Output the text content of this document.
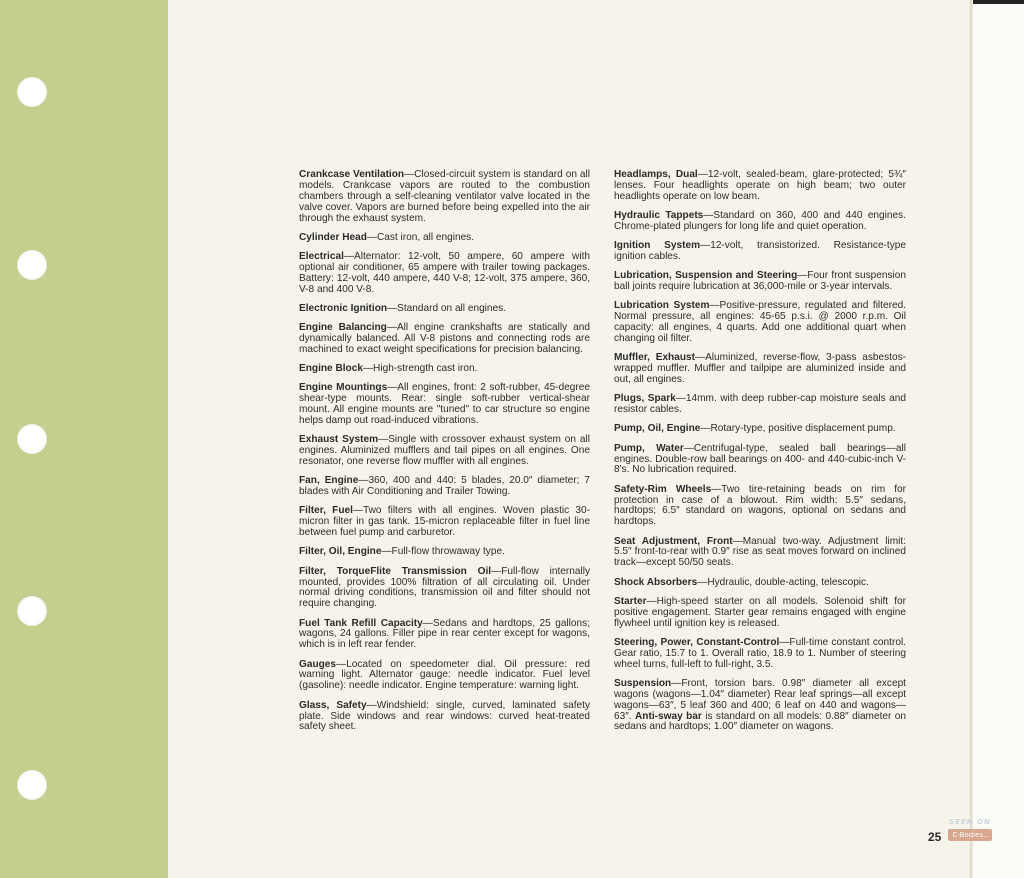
Crankcase Ventilation—Closed-circuit system is standard on all models. Crankcase vapors are routed to the combustion chambers through a self-cleaning ventilator valve located in the valve cover. Vapors are burned before being expelled into the air through the exhaust system.

Cylinder Head—Cast iron, all engines.

Electrical—Alternator: 12-volt, 50 ampere, 60 ampere with optional air conditioner, 65 ampere with trailer towing packages. Battery: 12-volt, 440 ampere, 440 V-8; 12-volt, 375 ampere, 360, V-8 and 400 V-8.

Electronic Ignition—Standard on all engines.

Engine Balancing—All engine crankshafts are statically and dynamically balanced. All V-8 pistons and connecting rods are machined to exact weight specifications for precision balancing.

Engine Block—High-strength cast iron.

Engine Mountings—All engines, front: 2 soft-rubber, 45-degree shear-type mounts. Rear: single soft-rubber vertical-shear mount. All engine mounts are "tuned" to car structure so engine helps damp out road-induced vibrations.

Exhaust System—Single with crossover exhaust system on all engines. Aluminized mufflers and tail pipes on all engines. One resonator, one reverse flow muffler with all engines.

Fan, Engine—360, 400 and 440: 5 blades, 20.0″ diameter; 7 blades with Air Conditioning and Trailer Towing.

Filter, Fuel—Two filters with all engines. Woven plastic 30-micron filter in gas tank. 15-micron replaceable filter in fuel line between fuel pump and carburetor.

Filter, Oil, Engine—Full-flow throwaway type.

Filter, TorqueFlite Transmission Oil—Full-flow internally mounted, provides 100% filtration of all circulating oil. Under normal driving conditions, transmission oil and filter should not require changing.

Fuel Tank Refill Capacity—Sedans and hardtops, 25 gallons; wagons, 24 gallons. Filler pipe in rear center except for wagons, which is in left rear fender.

Gauges—Located on speedometer dial. Oil pressure: red warning light. Alternator gauge: needle indicator. Fuel level (gasoline): needle indicator. Engine temperature: warning light.

Glass, Safety—Windshield: single, curved, laminated safety plate. Side windows and rear windows: curved heat-treated safety sheet.

Headlamps, Dual—12-volt, sealed-beam, glare-protected; 5¾″ lenses. Four headlights operate on high beam; two outer headlights operate on low beam.

Hydraulic Tappets—Standard on 360, 400 and 440 engines. Chrome-plated plungers for long life and quiet operation.

Ignition System—12-volt, transistorized. Resistance-type ignition cables.

Lubrication, Suspension and Steering—Four front suspension ball joints require lubrication at 36,000-mile or 3-year intervals.

Lubrication System—Positive-pressure, regulated and filtered. Normal pressure, all engines: 45-65 p.s.i. @ 2000 r.p.m. Oil capacity: all engines, 4 quarts. Add one additional quart when changing oil filter.

Muffler, Exhaust—Aluminized, reverse-flow, 3-pass asbestos-wrapped muffler. Muffler and tailpipe are aluminized inside and out, all engines.

Plugs, Spark—14mm. with deep rubber-cap moisture seals and resistor cables.

Pump, Oil, Engine—Rotary-type, positive displacement pump.

Pump, Water—Centrifugal-type, sealed ball bearings—all engines. Double-row ball bearings on 400- and 440-cubic-inch V-8's. No lubrication required.

Safety-Rim Wheels—Two tire-retaining beads on rim for protection in case of a blowout. Rim width: 5.5″ sedans, hardtops; 6.5″ standard on wagons, optional on sedans and hardtops.

Seat Adjustment, Front—Manual two-way. Adjustment limit: 5.5″ front-to-rear with 0.9″ rise as seat moves forward on inclined track—except 50/50 seats.

Shock Absorbers—Hydraulic, double-acting, telescopic.

Starter—High-speed starter on all models. Solenoid shift for positive engagement. Starter gear remains engaged with engine flywheel until ignition key is released.

Steering, Power, Constant-Control—Full-time constant control. Gear ratio, 15.7 to 1. Overall ratio, 18.9 to 1. Number of steering wheel turns, full-left to full-right, 3.5.

Suspension—Front, torsion bars. 0.98″ diameter all except wagons (wagons—1.04″ diameter) Rear leaf springs—all except wagons—63″, 5 leaf 360 and 400; 6 leaf on 440 and wagons—63″. Anti-sway bar is standard on all models: 0.88″ diameter on sedans and hardtops; 1.00″ diameter on wagons.

25
SEEN ON
C-Bodies..
